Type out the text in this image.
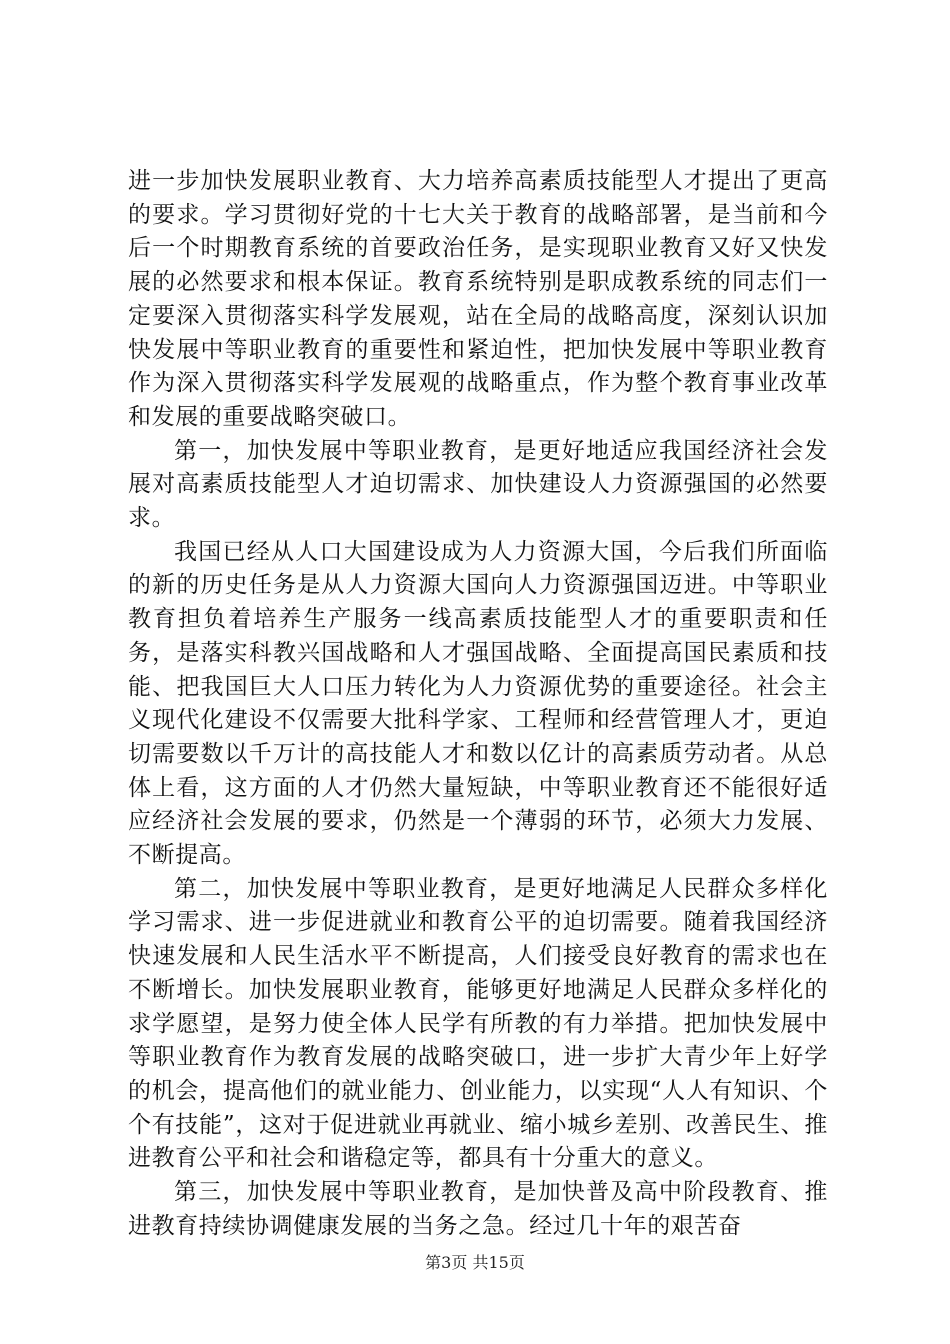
进一步加快发展职业教育、大力培养高素质技能型人才提出了更高的要求。学习贯彻好党的十七大关于教育的战略部署，是当前和今后一个时期教育系统的首要政治任务，是实现职业教育又好又快发展的必然要求和根本保证。教育系统特别是职成教系统的同志们一定要深入贯彻落实科学发展观，站在全局的战略高度，深刻认识加快发展中等职业教育的重要性和紧迫性，把加快发展中等职业教育作为深入贯彻落实科学发展观的战略重点，作为整个教育事业改革和发展的重要战略突破口。

第一，加快发展中等职业教育，是更好地适应我国经济社会发展对高素质技能型人才迫切需求、加快建设人力资源强国的必然要求。

我国已经从人口大国建设成为人力资源大国，今后我们所面临的新的历史任务是从人力资源大国向人力资源强国迈进。中等职业教育担负着培养生产服务一线高素质技能型人才的重要职责和任务，是落实科教兴国战略和人才强国战略、全面提高国民素质和技能、把我国巨大人口压力转化为人力资源优势的重要途径。社会主义现代化建设不仅需要大批科学家、工程师和经营管理人才，更迫切需要数以千万计的高技能人才和数以亿计的高素质劳动者。从总体上看，这方面的人才仍然大量短缺，中等职业教育还不能很好适应经济社会发展的要求，仍然是一个薄弱的环节，必须大力发展、不断提高。

第二，加快发展中等职业教育，是更好地满足人民群众多样化学习需求、进一步促进就业和教育公平的迫切需要。随着我国经济快速发展和人民生活水平不断提高，人们接受良好教育的需求也在不断增长。加快发展职业教育，能够更好地满足人民群众多样化的求学愿望，是努力使全体人民学有所教的有力举措。把加快发展中等职业教育作为教育发展的战略突破口，进一步扩大青少年上好学的机会，提高他们的就业能力、创业能力，以实现“人人有知识、个个有技能”，这对于促进就业再就业、缩小城乡差别、改善民生、推进教育公平和社会和谐稳定等，都具有十分重大的意义。

第三，加快发展中等职业教育，是加快普及高中阶段教育、推进教育持续协调健康发展的当务之急。经过几十年的艰苦奋

第3页 共15页
